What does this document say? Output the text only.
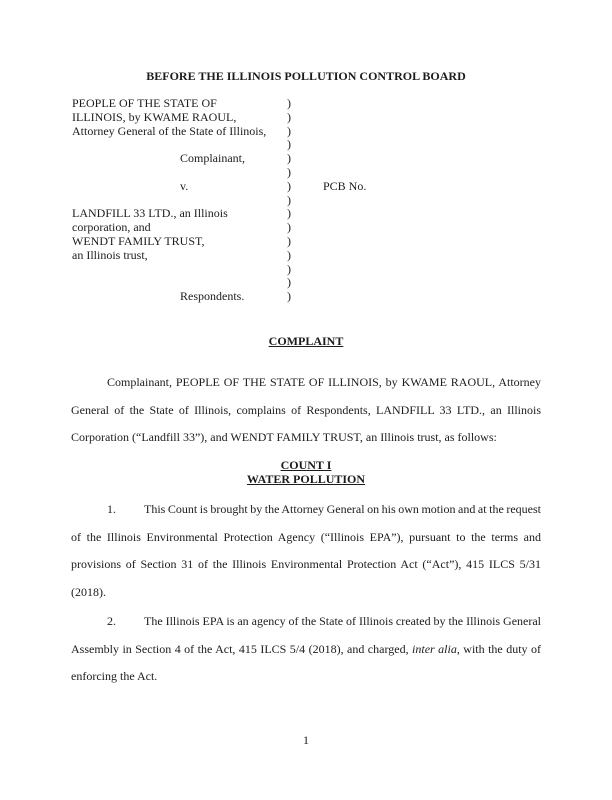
BEFORE THE ILLINOIS POLLUTION CONTROL BOARD
PEOPLE OF THE STATE OF	)
ILLINOIS, by KWAME RAOUL,	)
Attorney General of the State of Illinois, )
)
Complainant,	)
)
v.	)	PCB No.
)
LANDFILL 33 LTD., an Illinois	)
corporation, and	)
WENDT FAMILY TRUST,	)
an Illinois trust,	)
)
)
Respondents.	)
COMPLAINT
Complainant, PEOPLE OF THE STATE OF ILLINOIS, by KWAME RAOUL, Attorney
General of the State of Illinois, complains of Respondents, LANDFILL 33 LTD., an Illinois
Corporation (“Landfill 33”), and WENDT FAMILY TRUST, an Illinois trust, as follows:
COUNT I
WATER POLLUTION
1. This Count is brought by the Attorney General on his own motion and at the request
of the Illinois Environmental Protection Agency (“Illinois EPA”), pursuant to the terms and
provisions of Section 31 of the Illinois Environmental Protection Act (“Act”), 415 ILCS 5/31
(2018).
2. The Illinois EPA is an agency of the State of Illinois created by the Illinois General
Assembly in Section 4 of the Act, 415 ILCS 5/4 (2018), and charged, inter alia, with the duty of
enforcing the Act.
1
